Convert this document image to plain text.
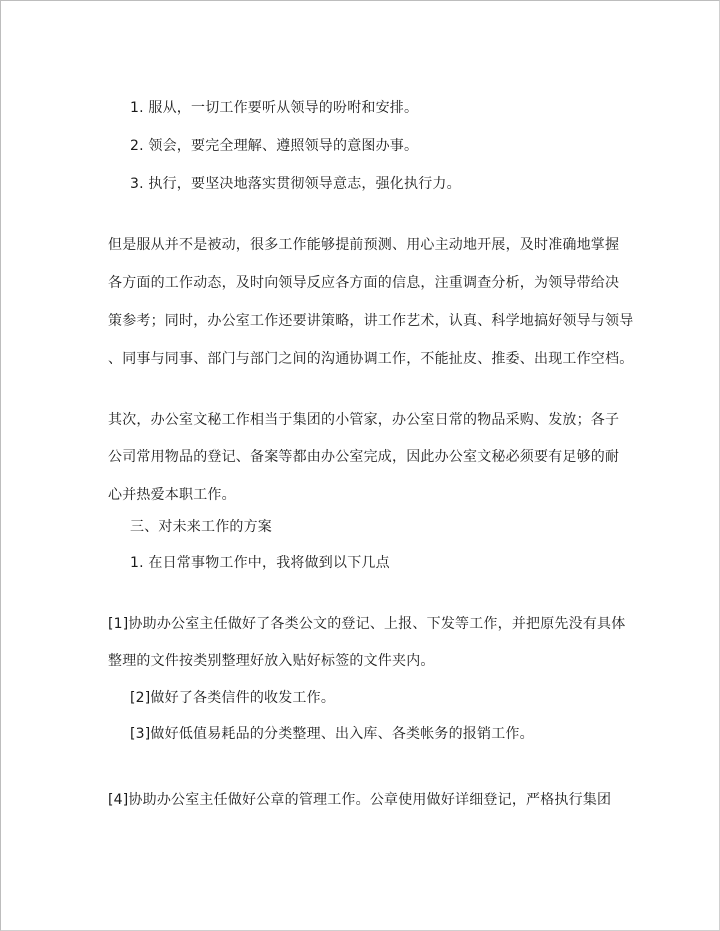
1. 服从，一切工作要听从领导的吩咐和安排。
2. 领会，要完全理解、遵照领导的意图办事。
3. 执行，要坚决地落实贯彻领导意志，强化执行力。
但是服从并不是被动，很多工作能够提前预测、用心主动地开展，及时准确地掌握
各方面的工作动态，及时向领导反应各方面的信息，注重调查分析，为领导带给决
策参考；同时，办公室工作还要讲策略，讲工作艺术，认真、科学地搞好领导与领导
、同事与同事、部门与部门之间的沟通协调工作，不能扯皮、推委、出现工作空档。
其次，办公室文秘工作相当于集团的小管家，办公室日常的物品采购、发放；各子
公司常用物品的登记、备案等都由办公室完成，因此办公室文秘必须要有足够的耐
心并热爱本职工作。
三、对未来工作的方案
1. 在日常事物工作中，我将做到以下几点
[1]协助办公室主任做好了各类公文的登记、上报、下发等工作，并把原先没有具体
整理的文件按类别整理好放入贴好标签的文件夹内。
[2]做好了各类信件的收发工作。
[3]做好低值易耗品的分类整理、出入库、各类帐务的报销工作。
[4]协助办公室主任做好公章的管理工作。公章使用做好详细登记，严格执行集团
